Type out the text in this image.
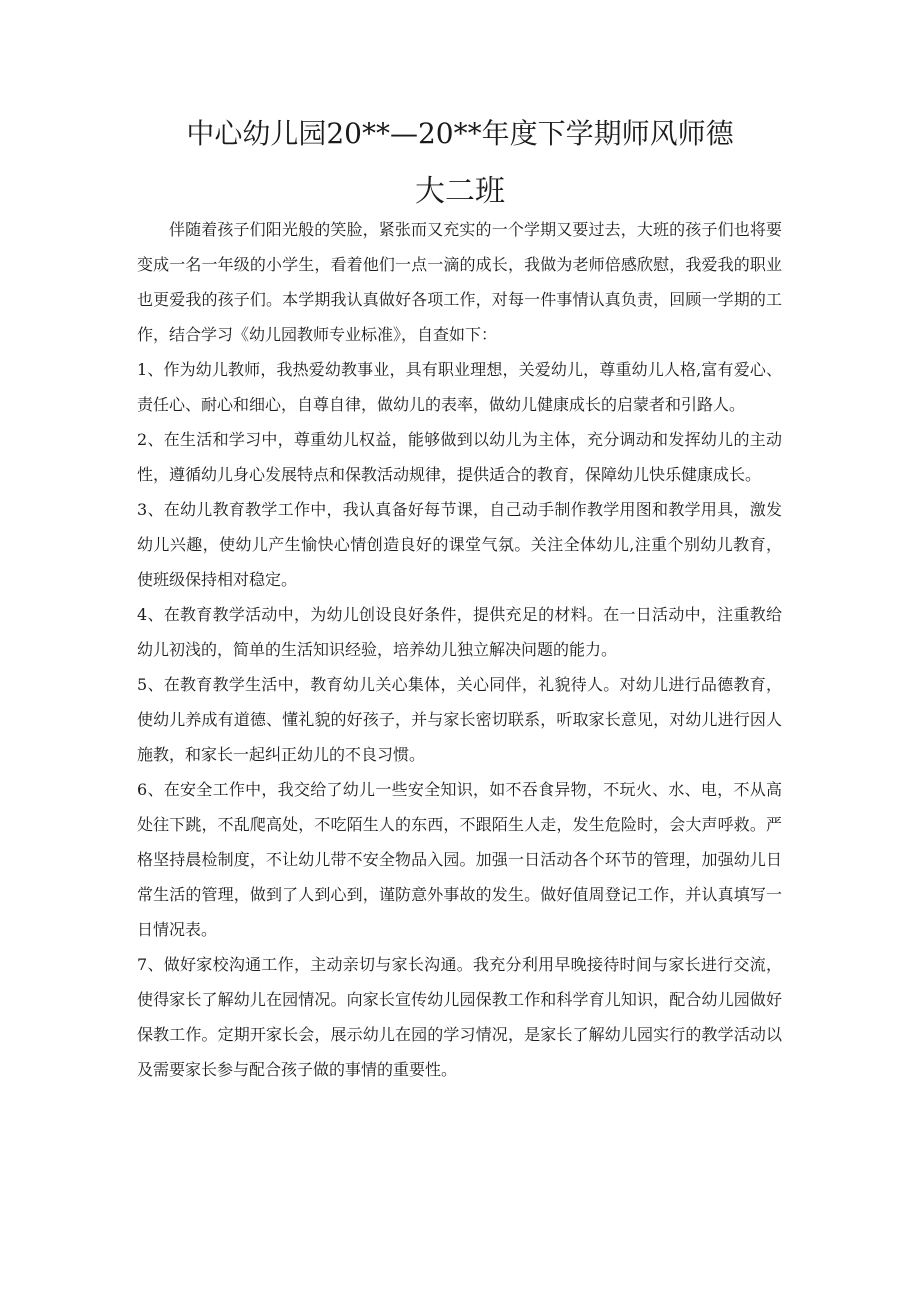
中心幼儿园20**—20**年度下学期师风师德
大二班

伴随着孩子们阳光般的笑脸，紧张而又充实的一个学期又要过去，大班的孩子们也将要变成一名一年级的小学生，看着他们一点一滴的成长，我做为老师倍感欣慰，我爱我的职业也更爱我的孩子们。本学期我认真做好各项工作，对每一件事情认真负责，回顾一学期的工作，结合学习《幼儿园教师专业标准》，自查如下：

1、作为幼儿教师，我热爱幼教事业，具有职业理想，关爱幼儿，尊重幼儿人格,富有爱心、责任心、耐心和细心，自尊自律，做幼儿的表率，做幼儿健康成长的启蒙者和引路人。

2、在生活和学习中，尊重幼儿权益，能够做到以幼儿为主体，充分调动和发挥幼儿的主动性，遵循幼儿身心发展特点和保教活动规律，提供适合的教育，保障幼儿快乐健康成长。

3、在幼儿教育教学工作中，我认真备好每节课，自己动手制作教学用图和教学用具，激发幼儿兴趣，使幼儿产生愉快心情创造良好的课堂气氛。关注全体幼儿,注重个别幼儿教育，使班级保持相对稳定。

4、在教育教学活动中，为幼儿创设良好条件，提供充足的材料。在一日活动中，注重教给幼儿初浅的，简单的生活知识经验，培养幼儿独立解决问题的能力。

5、在教育教学生活中，教育幼儿关心集体，关心同伴，礼貌待人。对幼儿进行品德教育，使幼儿养成有道德、懂礼貌的好孩子，并与家长密切联系，听取家长意见，对幼儿进行因人施教，和家长一起纠正幼儿的不良习惯。

6、在安全工作中，我交给了幼儿一些安全知识，如不吞食异物，不玩火、水、电，不从高处往下跳，不乱爬高处，不吃陌生人的东西，不跟陌生人走，发生危险时，会大声呼救。严格坚持晨检制度，不让幼儿带不安全物品入园。加强一日活动各个环节的管理，加强幼儿日常生活的管理，做到了人到心到，谨防意外事故的发生。做好值周登记工作，并认真填写一日情况表。

7、做好家校沟通工作，主动亲切与家长沟通。我充分利用早晚接待时间与家长进行交流，使得家长了解幼儿在园情况。向家长宣传幼儿园保教工作和科学育儿知识，配合幼儿园做好保教工作。定期开家长会，展示幼儿在园的学习情况，是家长了解幼儿园实行的教学活动以及需要家长参与配合孩子做的事情的重要性。
